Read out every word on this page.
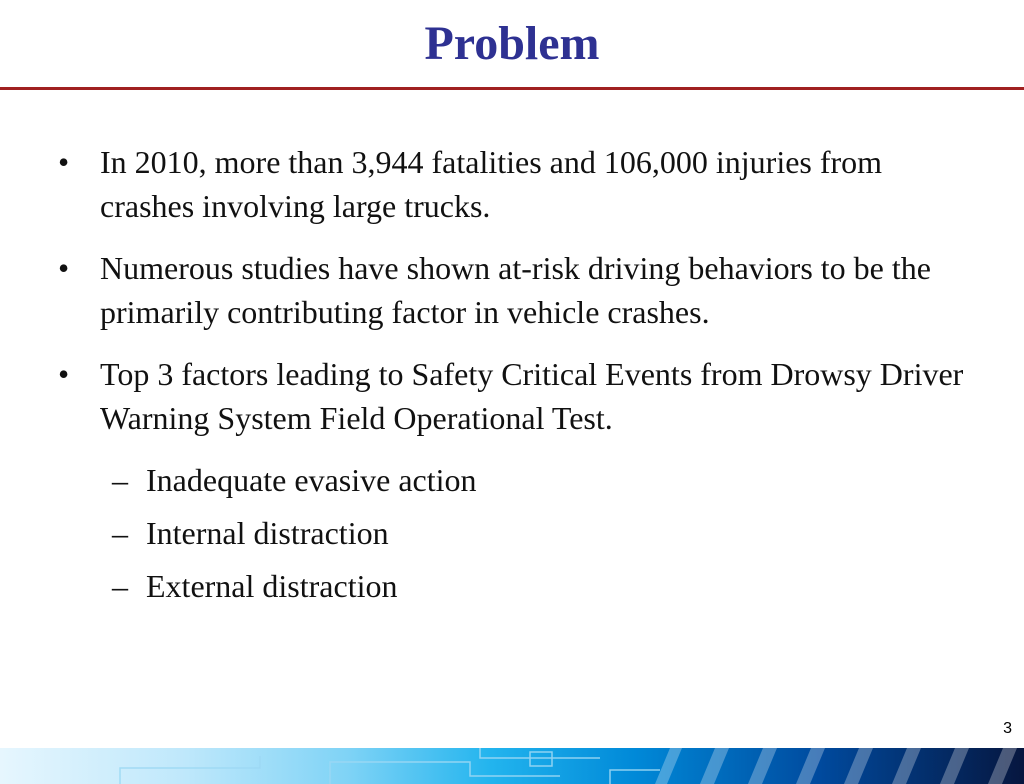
Problem
• In 2010, more than 3,944 fatalities and 106,000 injuries from crashes involving large trucks.
• Numerous studies have shown at-risk driving behaviors to be the primarily contributing factor in vehicle crashes.
• Top 3 factors leading to Safety Critical Events from Drowsy Driver Warning System Field Operational Test.
– Inadequate evasive action
– Internal distraction
– External distraction
3
